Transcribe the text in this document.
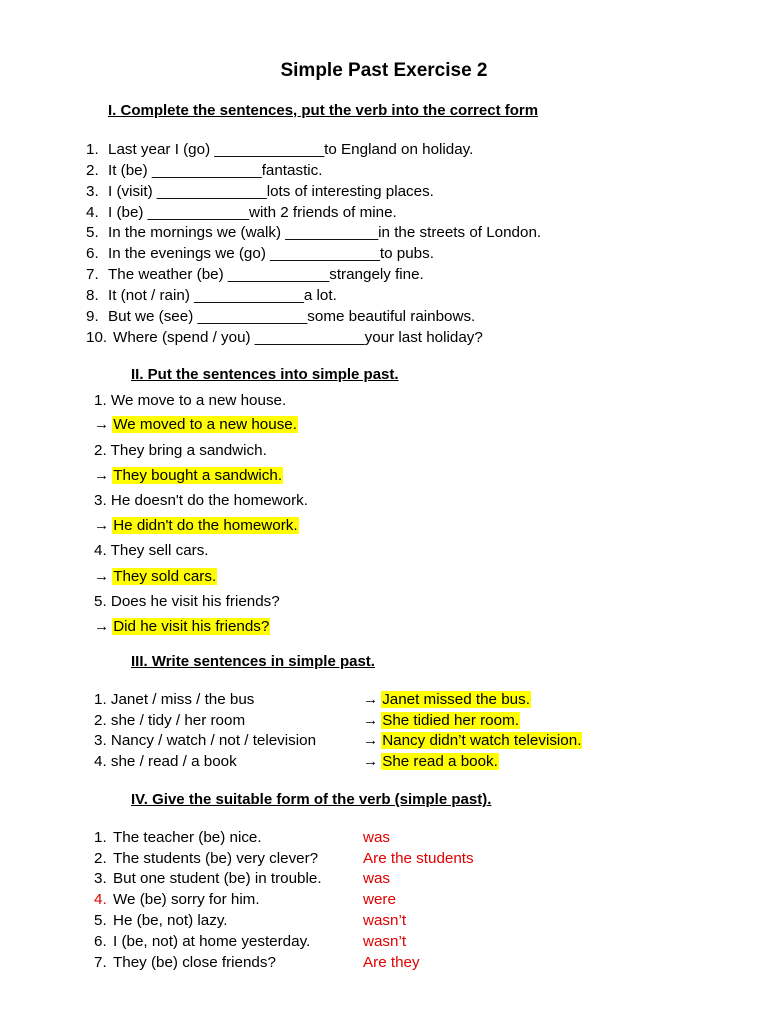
Simple Past Exercise 2
I. Complete the sentences, put the verb into the correct form
1. Last year I (go) _____________to England on holiday.
2. It (be) _____________fantastic.
3. I (visit) _____________lots of interesting places.
4. I (be) ____________with 2 friends of mine.
5. In the mornings we (walk) ___________in the streets of London.
6. In the evenings we (go) _____________to pubs.
7. The weather (be) ____________strangely fine.
8. It (not / rain) _____________a lot.
9. But we (see) _____________some beautiful rainbows.
10. Where (spend / you) _____________your last holiday?
II. Put the sentences into simple past.
1. We move to a new house.
→ We moved to a new house.
2. They bring a sandwich.
→ They bought a sandwich.
3. He doesn't do the homework.
→ He didn't do the homework.
4. They sell cars.
→ They sold cars.
5. Does he visit his friends?
→ Did he visit his friends?
III. Write sentences in simple past.
1. Janet / miss / the bus	→ Janet missed the bus.
2. she / tidy / her room	→ She tidied her room.
3. Nancy / watch / not / television	→ Nancy didn’t watch television.
4. she / read / a book	→ She read a book.
IV. Give the suitable form of the verb (simple past).
1. The teacher (be) nice.	was
2. The students (be) very clever?	Are the students
3. But one student (be) in trouble.	was
4. We (be) sorry for him.	were
5. He (be, not) lazy.	wasn’t
6. I (be, not) at home yesterday.	wasn’t
7. They (be) close friends?	Are they
